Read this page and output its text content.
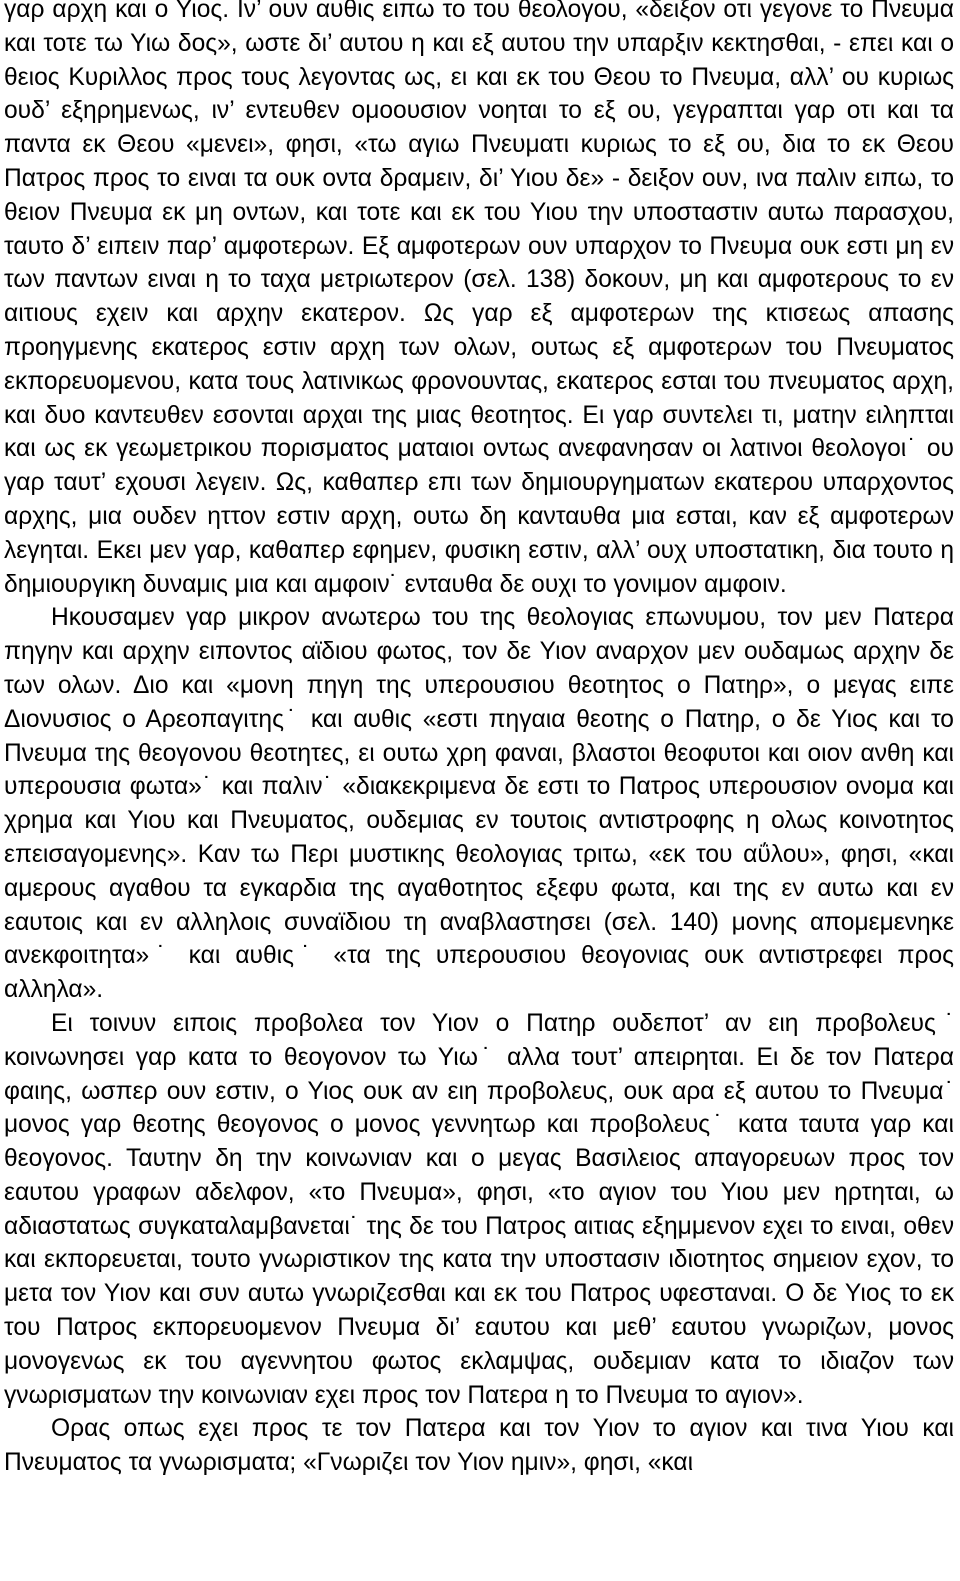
γαρ αρχη και ο Υιος. Ιν’ ουν αυθις ειπω το του θεολογου, «δειξον οτι γεγονε το Πνευμα και τοτε τω Υιω δος», ωστε δι’ αυτου η και εξ αυτου την υπαρξιν κεκτησθαι, - επει και ο θειος Κυριλλος προς τους λεγοντας ως, ει και εκ του Θεου το Πνευμα, αλλ’ ου κυριως ουδ’ εξηρημενως, ιν’ εντευθεν ομοουσιον νοηται το εξ ου, γεγραπται γαρ οτι και τα παντα εκ Θεου «μενει», φησι, «τω αγιω Πνευματι κυριως το εξ ου, δια το εκ Θεου Πατρος προς το ειναι τα ουκ οντα δραμειν, δι’ Υιου δε» - δειξον ουν, ινα παλιν ειπω, το θειον Πνευμα εκ μη οντων, και τοτε και εκ του Υιου την υποσταστιν αυτω παρασχου, ταυτο δ’ ειπειν παρ’ αμφοτερων. Εξ αμφοτερων ουν υπαρχον το Πνευμα ουκ εστι μη εν των παντων ειναι η το ταχα μετριωτερον (σελ. 138) δοκουν, μη και αμφοτερους το εν αιτιους εχειν και αρχην εκατερον. Ως γαρ εξ αμφοτερων της κτισεως απασης προηγμενης εκατερος εστιν αρχη των ολων, ουτως εξ αμφοτερων του Πνευματος εκπορευομενου, κατα τους λατινικως φρονουντας, εκατερος εσται του πνευματος αρχη, και δυο καντευθεν εσονται αρχαι της μιας θεοτητος. Ει γαρ συντελει τι, ματην ειληπται και ως εκ γεωμετρικου πορισματος ματαιοι οντως ανεφανησαν οι λατινοι θεολογοι˙ ου γαρ ταυτ’ εχουσι λεγειν. Ως, καθαπερ επι των δημιουργηματων εκατερου υπαρχοντος αρχης, μια ουδεν ηττον εστιν αρχη, ουτω δη κανταυθα μια εσται, καν εξ αμφοτερων λεγηται. Εκει μεν γαρ, καθαπερ εφημεν, φυσικη εστιν, αλλ’ ουχ υποστατικη, δια τουτο η δημιουργικη δυναμις μια και αμφοιν˙ ενταυθα δε ουχι το γονιμον αμφοιν.

Ηκουσαμεν γαρ μικρον ανωτερω του της θεολογιας επωνυμου, τον μεν Πατερα πηγην και αρχην ειποντος αϊδιου φωτος, τον δε Υιον αναρχον μεν ουδαμως αρχην δε των ολων. Διο και «μονη πηγη της υπερουσιου θεοτητος ο Πατηρ», ο μεγας ειπε Διονυσιος ο Αρεοπαγιτης˙ και αυθις «εστι πηγαια θεοτης ο Πατηρ, ο δε Υιος και το Πνευμα της θεογονου θεοτητες, ει ουτω χρη φαναι, βλαστοι θεοφυτοι και οιον ανθη και υπερουσια φωτα»˙ και παλιν˙ «διακεκριμενα δε εστι το Πατρος υπερουσιον ονομα και χρημα και Υιου και Πνευματος, ουδεμιας εν τουτοις αντιστροφης η ολως κοινοτητος επεισαγομενης». Καν τω Περι μυστικης θεολογιας τριτω, «εκ του αΰλου», φησι, «και αμερους αγαθου τα εγκαρδια της αγαθοτητος εξεφυ φωτα, και της εν αυτω και εν εαυτοις και εν αλληλοις συναϊδιου τη αναβλαστησει (σελ. 140) μονης απομεμενηκε ανεκφοιτητα»˙ και αυθις˙ «τα της υπερουσιου θεογονιας ουκ αντιστρεφει προς αλληλα».

Ει τοινυν ειποις προβολεα τον Υιον ο Πατηρ ουδεποτ’ αν ειη προβολευς˙ κοινωνησει γαρ κατα το θεογονον τω Υιω˙ αλλα τουτ’ απειρηται. Ει δε τον Πατερα φαιης, ωσπερ ουν εστιν, ο Υιος ουκ αν ειη προβολευς, ουκ αρα εξ αυτου το Πνευμα˙ μονος γαρ θεοτης θεογονος ο μονος γεννητωρ και προβολευς˙ κατα ταυτα γαρ και θεογονος. Ταυτην δη την κοινωνιαν και ο μεγας Βασιλειος απαγορευων προς τον εαυτου γραφων αδελφον, «το Πνευμα», φησι, «το αγιον του Υιου μεν ηρτηται, ω αδιαστατως συγκαταλαμβανεται˙ της δε του Πατρος αιτιας εξημμενον εχει το ειναι, οθεν και εκπορευεται, τουτο γνωριστικον της κατα την υποστασιν ιδιοτητος σημειον εχον, το μετα τον Υιον και συν αυτω γνωριζεσθαι και εκ του Πατρος υφεσταναι. Ο δε Υιος το εκ του Πατρος εκπορευομενον Πνευμα δι’ εαυτου και μεθ’ εαυτου γνωριζων, μονος μονογενως εκ του αγεννητου φωτος εκλαμψας, ουδεμιαν κατα το ιδιαζον των γνωρισματων την κοινωνιαν εχει προς τον Πατερα η το Πνευμα το αγιον».

Ορας οπως εχει προς τε τον Πατερα και τον Υιον το αγιον και τινα Υιου και Πνευματος τα γνωρισματα; «Γνωριζει τον Υιον ημιν», φησι, «και
